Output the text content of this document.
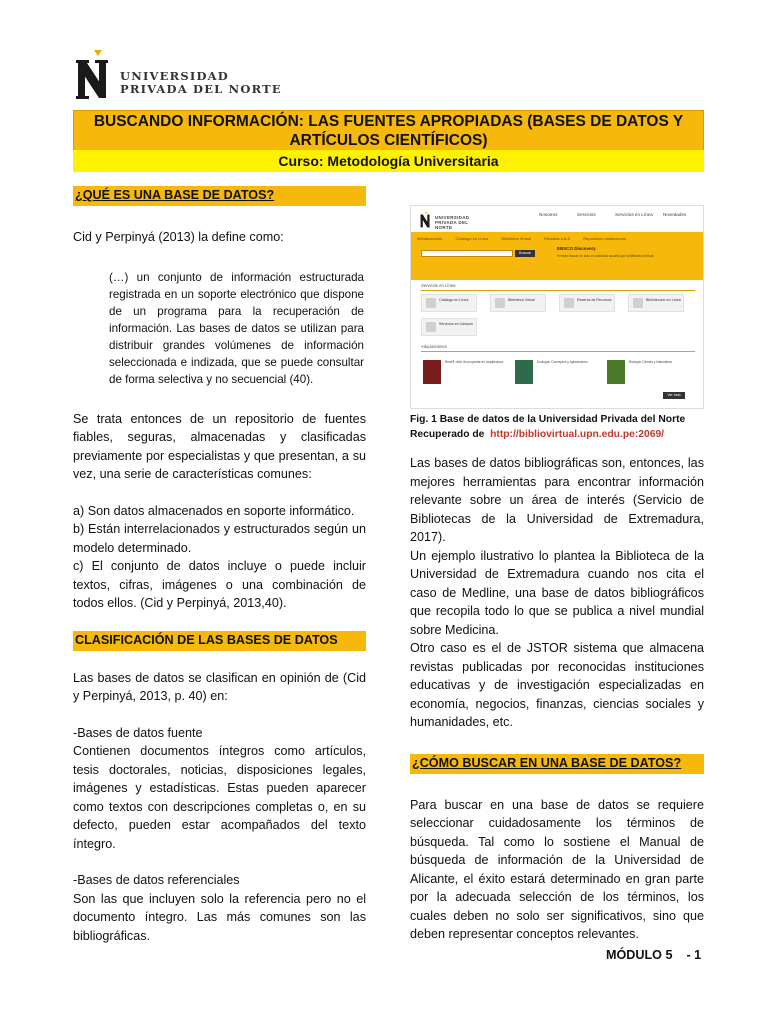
UNIVERSIDAD
PRIVADA DEL NORTE
BUSCANDO INFORMACIÓN: LAS FUENTES APROPIADAS (BASES DE DATOS Y
ARTÍCULOS CIENTÍFICOS)
Curso: Metodología Universitaria
¿QUÉ ES UNA BASE DE DATOS?

Cid y Perpinyá (2013) la define como:

(…) un conjunto de información estructurada registrada en un soporte electrónico que dispone de un programa para la recuperación de información. Las bases de datos se utilizan para distribuir grandes volúmenes de información seleccionada e indizada, que se puede consultar de forma selectiva y no secuencial (40).

Se trata entonces de un repositorio de fuentes fiables, seguras, almacenadas y clasificadas previamente por especialistas y que presentan, a su vez, una serie de características comunes:

a) Son datos almacenados en soporte informático.

b) Están interrelacionados y estructurados según un modelo determinado.

c) El conjunto de datos incluye o puede incluir textos, cifras, imágenes o una combinación de todos ellos. (Cid y Perpinyá, 2013,40).

CLASIFICACIÓN DE LAS BASES DE DATOS

Las bases de datos se clasifican en opinión de (Cid y Perpinyá, 2013, p. 40) en:

-Bases de datos fuente

Contienen documentos íntegros como artículos, tesis doctorales, noticias, disposiciones legales, imágenes y estadísticas. Estas pueden aparecer como textos con descripciones completas o, en su defecto, pueden estar acompañados del texto íntegro.

-Bases de datos referenciales

Son las que incluyen solo la referencia pero no el documento íntegro. Las más comunes son las bibliográficas.

UNIVERSIDAD PRIVADA DEL NORTE
Nosotros	Servicios	Servicios en Línea Novedades
Metabuscador	Catálogo en Línea	Biblioteca Virtual	Revistas a A-Z	Repositorio Institucional
Buscar
EBSCO Discovery
Permite buscar en todo el contenido suscrito por la Biblioteca Virtual
Servicios en Línea
Catálogo en Línea	Biblioteca Virtual	Reserva de Recursos	Bibliotecario en Línea
Servicios en Campus
Adquisiciones
Revit®: Arte de proyectar en Arquitectura	Ecología: Conceptos y Aplicaciones	Biología: Ciencia y Naturaleza
Ver todo
Fig. 1 Base de datos de la Universidad Privada del Norte
Recuperado de http://bibliovirtual.upn.edu.pe:2069/

Las bases de datos bibliográficas son, entonces, las mejores herramientas para encontrar información relevante sobre un área de interés (Servicio de Bibliotecas de la Universidad de Extremadura, 2017).

Un ejemplo ilustrativo lo plantea la Biblioteca de la Universidad de Extremadura cuando nos cita el caso de Medline, una base de datos bibliográficos que recopila todo lo que se publica a nivel mundial sobre Medicina.

Otro caso es el de JSTOR sistema que almacena revistas publicadas por reconocidas instituciones educativas y de investigación especializadas en economía, negocios, finanzas, ciencias sociales y humanidades, etc.

¿CÓMO BUSCAR EN UNA BASE DE DATOS?

Para buscar en una base de datos se requiere seleccionar cuidadosamente los términos de búsqueda. Tal como lo sostiene el Manual de búsqueda de información de la Universidad de Alicante, el éxito estará determinado en gran parte por la adecuada selección de los términos, los cuales deben no solo ser significativos, sino que deben representar conceptos relevantes.

MÓDULO 5 - 1
